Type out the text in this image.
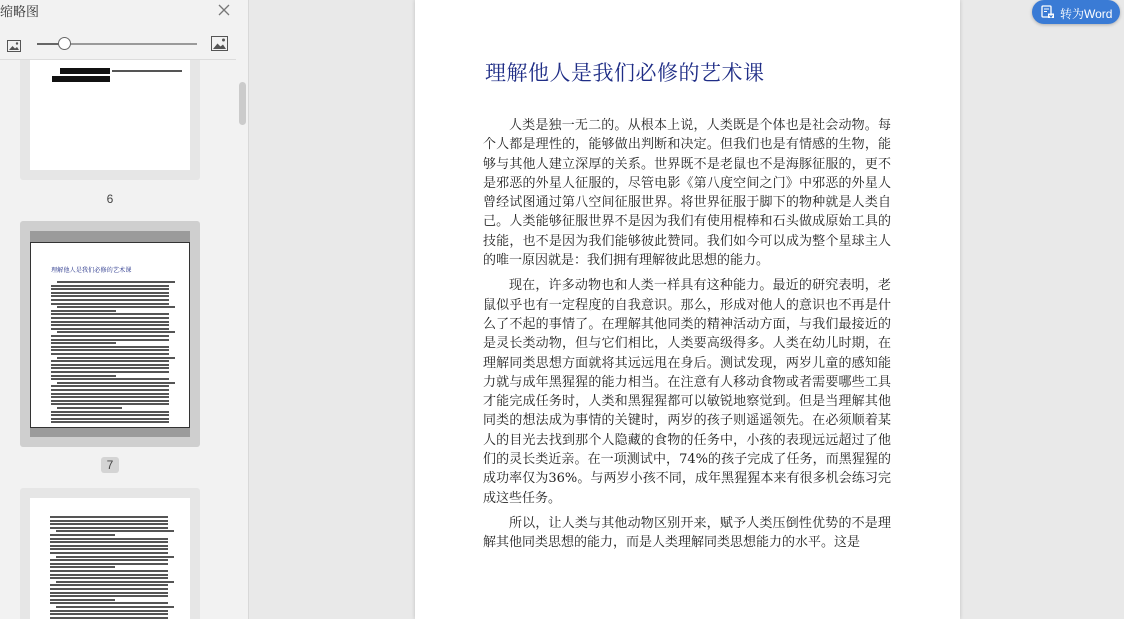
缩略图
6
理解他人是我们必修的艺术课
7
理解他人是我们必修的艺术课

人类是独一无二的。从根本上说，人类既是个体也是社会动物。每个人都是理性的，能够做出判断和决定。但我们也是有情感的生物，能够与其他人建立深厚的关系。世界既不是老鼠也不是海豚征服的，更不是邪恶的外星人征服的，尽管电影《第八度空间之门》中邪恶的外星人曾经试图通过第八空间征服世界。将世界征服于脚下的物种就是人类自己。人类能够征服世界不是因为我们有使用棍棒和石头做成原始工具的技能，也不是因为我们能够彼此赞同。我们如今可以成为整个星球主人的唯一原因就是：我们拥有理解彼此思想的能力。

现在，许多动物也和人类一样具有这种能力。最近的研究表明，老鼠似乎也有一定程度的自我意识。那么，形成对他人的意识也不再是什么了不起的事情了。在理解其他同类的精神活动方面，与我们最接近的是灵长类动物，但与它们相比，人类要高级得多。人类在幼儿时期，在理解同类思想方面就将其远远甩在身后。测试发现，两岁儿童的感知能力就与成年黑猩猩的能力相当。在注意有人移动食物或者需要哪些工具才能完成任务时，人类和黑猩猩都可以敏锐地察觉到。但是当理解其他同类的想法成为事情的关键时，两岁的孩子则遥遥领先。在必须顺着某人的目光去找到那个人隐藏的食物的任务中，小孩的表现远远超过了他们的灵长类近亲。在一项测试中，74%的孩子完成了任务，而黑猩猩的成功率仅为36%。与两岁小孩不同，成年黑猩猩本来有很多机会练习完成这些任务。

所以，让人类与其他动物区别开来，赋予人类压倒性优势的不是理解其他同类思想的能力，而是人类理解同类思想能力的水平。这是

转为Word
